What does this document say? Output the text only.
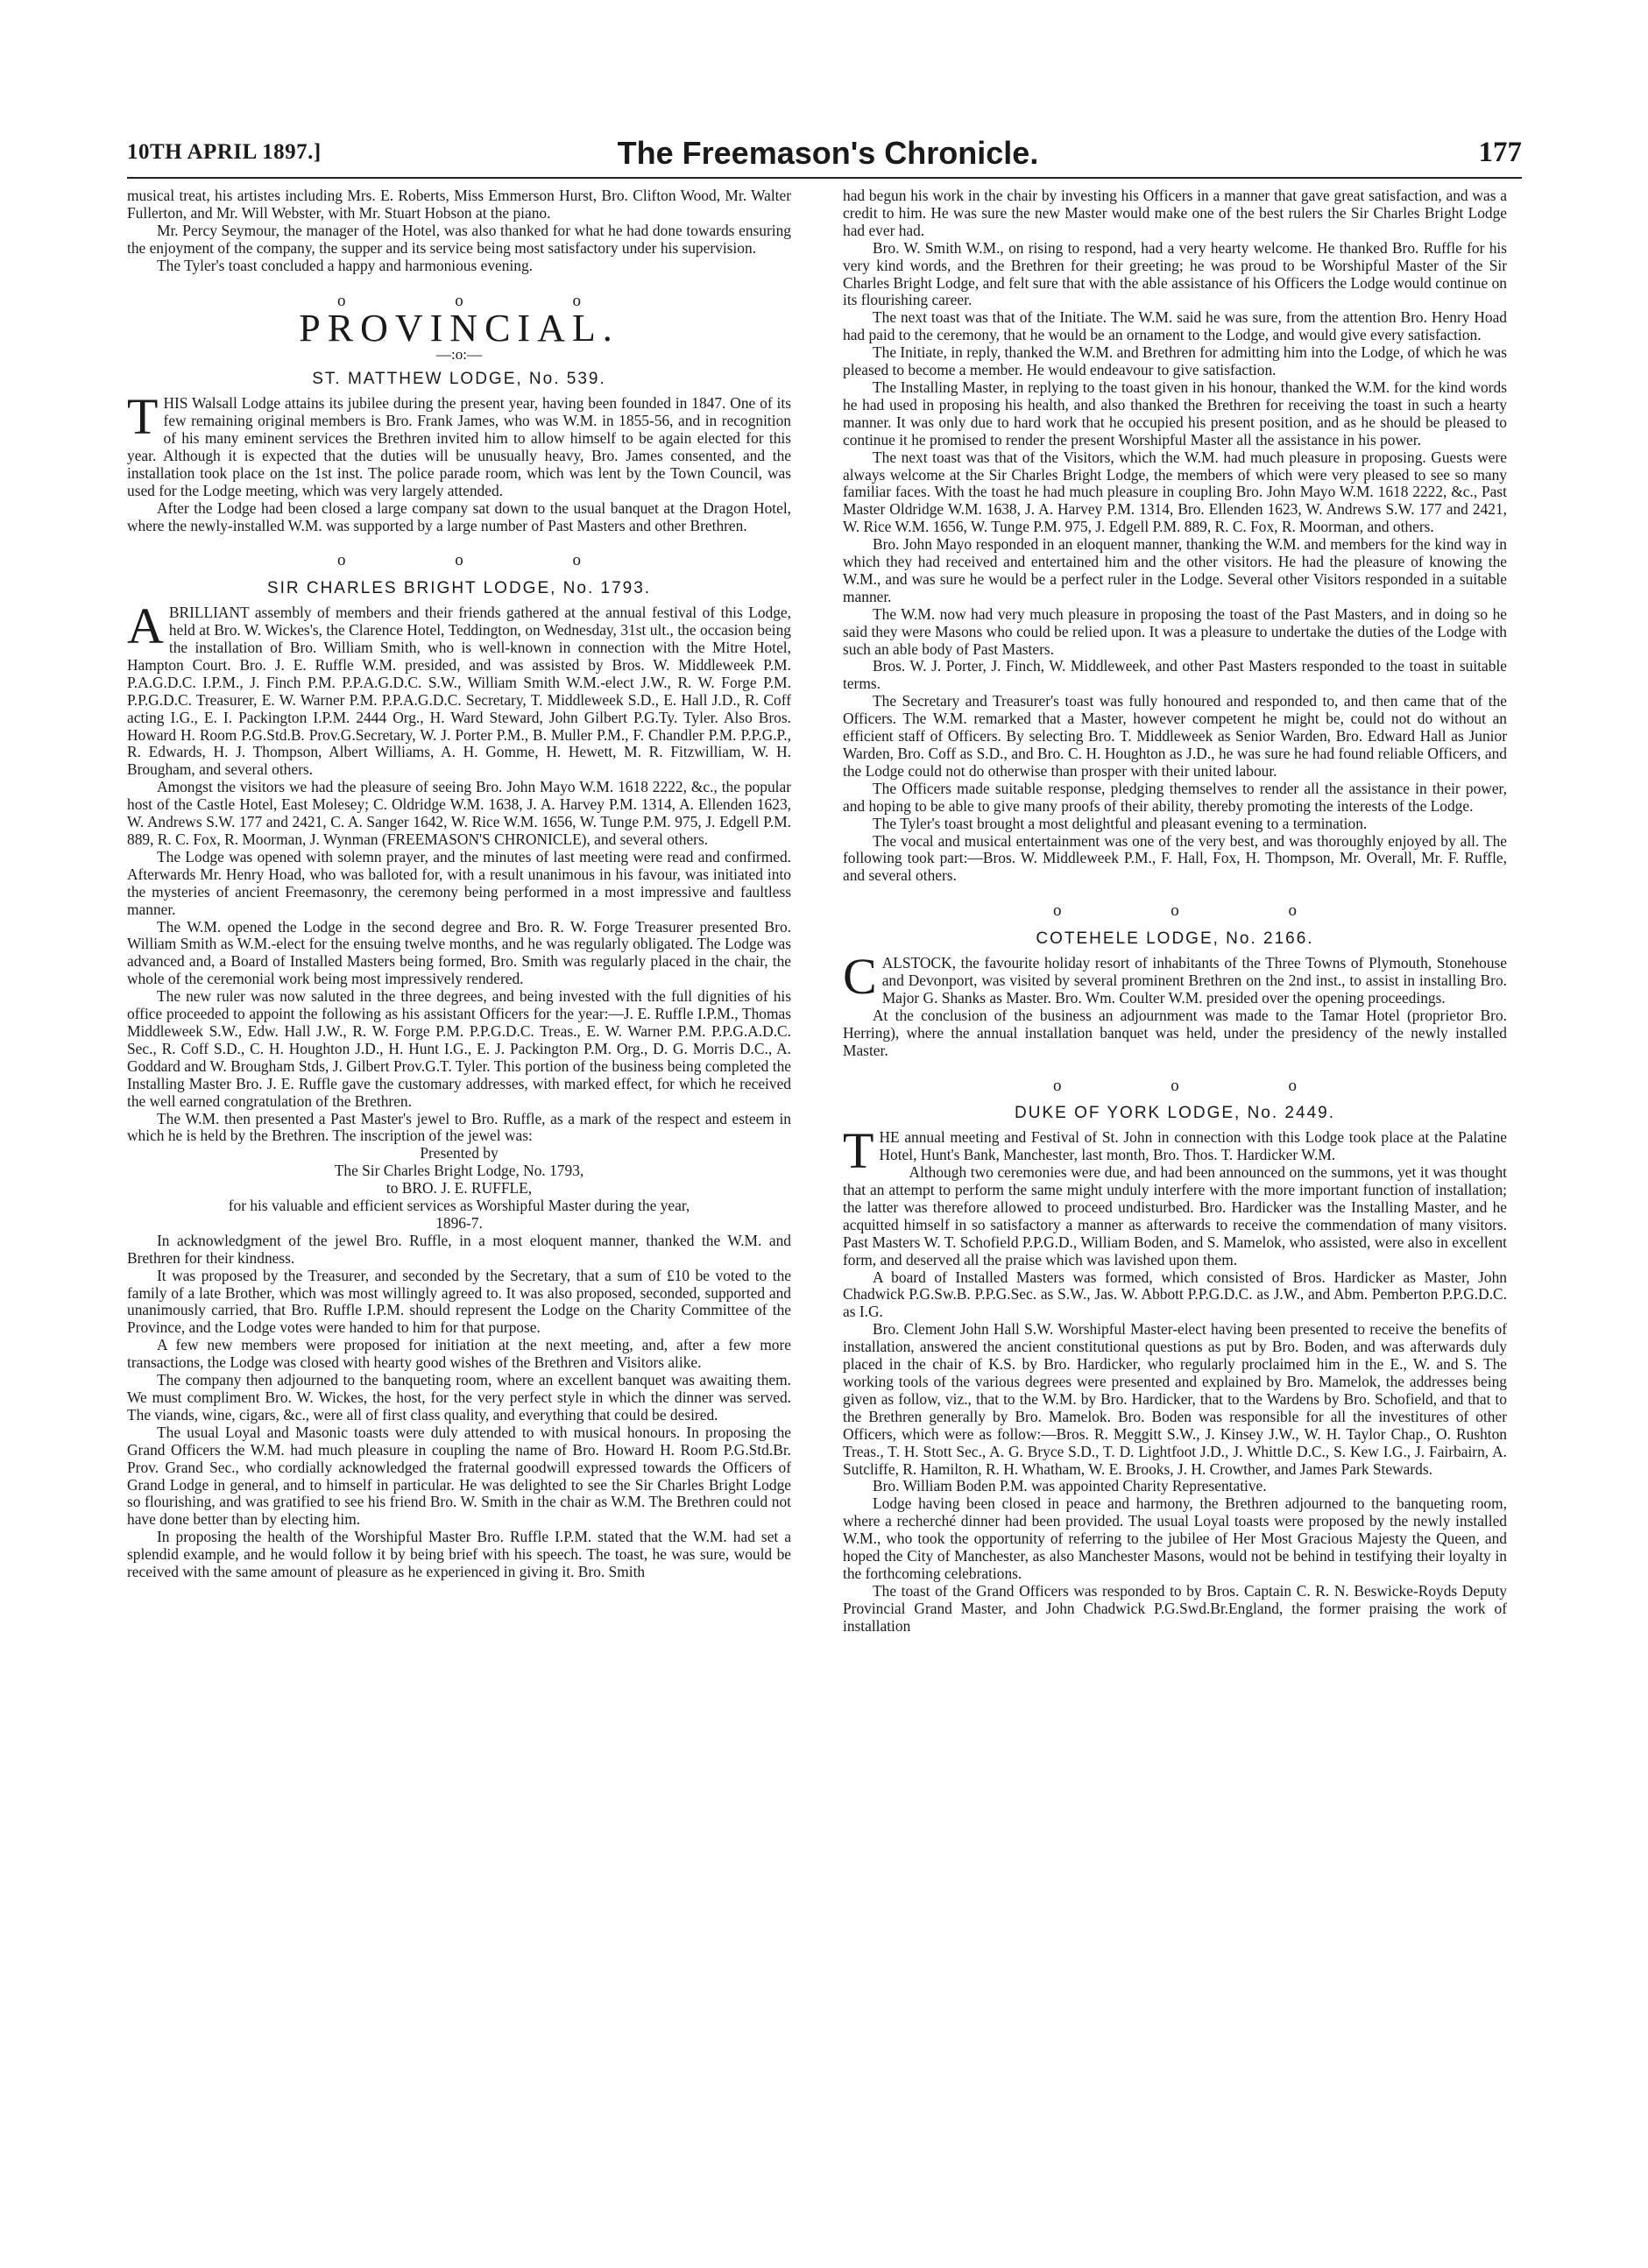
10TH APRIL 1897.]	The Freemason's Chronicle.	177

musical treat, his artistes including Mrs. E. Roberts, Miss Emmerson Hurst, Bro. Clifton Wood, Mr. Walter Fullerton, and Mr. Will Webster, with Mr. Stuart Hobson at the piano.

Mr. Percy Seymour, the manager of the Hotel, was also thanked for what he had done towards ensuring the enjoyment of the company, the supper and its service being most satisfactory under his supervision.

The Tyler's toast concluded a happy and harmonious evening.

o o o
PROVINCIAL.
—:o:—
ST. MATTHEW LODGE, No. 539.

THIS Walsall Lodge attains its jubilee during the present year, having been founded in 1847. One of its few remaining original members is Bro. Frank James, who was W.M. in 1855-56, and in recognition of his many eminent services the Brethren invited him to allow himself to be again elected for this year. Although it is expected that the duties will be unusually heavy, Bro. James consented, and the installation took place on the 1st inst. The police parade room, which was lent by the Town Council, was used for the Lodge meeting, which was very largely attended.

After the Lodge had been closed a large company sat down to the usual banquet at the Dragon Hotel, where the newly-installed W.M. was supported by a large number of Past Masters and other Brethren.

o o o
SIR CHARLES BRIGHT LODGE, No. 1793.

ABRILLIANT assembly of members and their friends gathered at the annual festival of this Lodge, held at Bro. W. Wickes's, the Clarence Hotel, Teddington, on Wednesday, 31st ult., the occasion being the installation of Bro. William Smith, who is well-known in connection with the Mitre Hotel, Hampton Court. Bro. J. E. Ruffle W.M. presided, and was assisted by Bros. W. Middleweek P.M. P.A.G.D.C. I.P.M., J. Finch P.M. P.P.A.G.D.C. S.W., William Smith W.M.-elect J.W., R. W. Forge P.M. P.P.G.D.C. Treasurer, E. W. Warner P.M. P.P.A.G.D.C. Secretary, T. Middleweek S.D., E. Hall J.D., R. Coff acting I.G., E. I. Packington I.P.M. 2444 Org., H. Ward Steward, John Gilbert P.G.Ty. Tyler. Also Bros. Howard H. Room P.G.Std.B. Prov.G.Secretary, W. J. Porter P.M., B. Muller P.M., F. Chandler P.M. P.P.G.P., R. Edwards, H. J. Thompson, Albert Williams, A. H. Gomme, H. Hewett, M. R. Fitzwilliam, W. H. Brougham, and several others.

Amongst the visitors we had the pleasure of seeing Bro. John Mayo W.M. 1618 2222, &c., the popular host of the Castle Hotel, East Molesey; C. Oldridge W.M. 1638, J. A. Harvey P.M. 1314, A. Ellenden 1623, W. Andrews S.W. 177 and 2421, C. A. Sanger 1642, W. Rice W.M. 1656, W. Tunge P.M. 975, J. Edgell P.M. 889, R. C. Fox, R. Moorman, J. Wynman (FREEMASON'S CHRONICLE), and several others.

The Lodge was opened with solemn prayer, and the minutes of last meeting were read and confirmed. Afterwards Mr. Henry Hoad, who was balloted for, with a result unanimous in his favour, was initiated into the mysteries of ancient Freemasonry, the ceremony being performed in a most impressive and faultless manner.

The W.M. opened the Lodge in the second degree and Bro. R. W. Forge Treasurer presented Bro. William Smith as W.M.-elect for the ensuing twelve months, and he was regularly obligated. The Lodge was advanced and, a Board of Installed Masters being formed, Bro. Smith was regularly placed in the chair, the whole of the ceremonial work being most impressively rendered.

The new ruler was now saluted in the three degrees, and being invested with the full dignities of his office proceeded to appoint the following as his assistant Officers for the year:—J. E. Ruffle I.P.M., Thomas Middleweek S.W., Edw. Hall J.W., R. W. Forge P.M. P.P.G.D.C. Treas., E. W. Warner P.M. P.P.G.A.D.C. Sec., R. Coff S.D., C. H. Houghton J.D., H. Hunt I.G., E. J. Packington P.M. Org., D. G. Morris D.C., A. Goddard and W. Brougham Stds, J. Gilbert Prov.G.T. Tyler. This portion of the business being completed the Installing Master Bro. J. E. Ruffle gave the customary addresses, with marked effect, for which he received the well earned congratulation of the Brethren.

The W.M. then presented a Past Master's jewel to Bro. Ruffle, as a mark of the respect and esteem in which he is held by the Brethren. The inscription of the jewel was:

Presented by

The Sir Charles Bright Lodge, No. 1793,

to BRO. J. E. RUFFLE,

for his valuable and efficient services as Worshipful Master during the year,

1896-7.

In acknowledgment of the jewel Bro. Ruffle, in a most eloquent manner, thanked the W.M. and Brethren for their kindness.

It was proposed by the Treasurer, and seconded by the Secretary, that a sum of £10 be voted to the family of a late Brother, which was most willingly agreed to. It was also proposed, seconded, supported and unanimously carried, that Bro. Ruffle I.P.M. should represent the Lodge on the Charity Committee of the Province, and the Lodge votes were handed to him for that purpose.

A few new members were proposed for initiation at the next meeting, and, after a few more transactions, the Lodge was closed with hearty good wishes of the Brethren and Visitors alike.

The company then adjourned to the banqueting room, where an excellent banquet was awaiting them. We must compliment Bro. W. Wickes, the host, for the very perfect style in which the dinner was served. The viands, wine, cigars, &c., were all of first class quality, and everything that could be desired.

The usual Loyal and Masonic toasts were duly attended to with musical honours. In proposing the Grand Officers the W.M. had much pleasure in coupling the name of Bro. Howard H. Room P.G.Std.Br. Prov. Grand Sec., who cordially acknowledged the fraternal goodwill expressed towards the Officers of Grand Lodge in general, and to himself in particular. He was delighted to see the Sir Charles Bright Lodge so flourishing, and was gratified to see his friend Bro. W. Smith in the chair as W.M. The Brethren could not have done better than by electing him.

In proposing the health of the Worshipful Master Bro. Ruffle I.P.M. stated that the W.M. had set a splendid example, and he would follow it by being brief with his speech. The toast, he was sure, would be received with the same amount of pleasure as he experienced in giving it. Bro. Smith

had begun his work in the chair by investing his Officers in a manner that gave great satisfaction, and was a credit to him. He was sure the new Master would make one of the best rulers the Sir Charles Bright Lodge had ever had.

Bro. W. Smith W.M., on rising to respond, had a very hearty welcome. He thanked Bro. Ruffle for his very kind words, and the Brethren for their greeting; he was proud to be Worshipful Master of the Sir Charles Bright Lodge, and felt sure that with the able assistance of his Officers the Lodge would continue on its flourishing career.

The next toast was that of the Initiate. The W.M. said he was sure, from the attention Bro. Henry Hoad had paid to the ceremony, that he would be an ornament to the Lodge, and would give every satisfaction.

The Initiate, in reply, thanked the W.M. and Brethren for admitting him into the Lodge, of which he was pleased to become a member. He would endeavour to give satisfaction.

The Installing Master, in replying to the toast given in his honour, thanked the W.M. for the kind words he had used in proposing his health, and also thanked the Brethren for receiving the toast in such a hearty manner. It was only due to hard work that he occupied his present position, and as he should be pleased to continue it he promised to render the present Worshipful Master all the assistance in his power.

The next toast was that of the Visitors, which the W.M. had much pleasure in proposing. Guests were always welcome at the Sir Charles Bright Lodge, the members of which were very pleased to see so many familiar faces. With the toast he had much pleasure in coupling Bro. John Mayo W.M. 1618 2222, &c., Past Master Oldridge W.M. 1638, J. A. Harvey P.M. 1314, Bro. Ellenden 1623, W. Andrews S.W. 177 and 2421, W. Rice W.M. 1656, W. Tunge P.M. 975, J. Edgell P.M. 889, R. C. Fox, R. Moorman, and others.

Bro. John Mayo responded in an eloquent manner, thanking the W.M. and members for the kind way in which they had received and entertained him and the other visitors. He had the pleasure of knowing the W.M., and was sure he would be a perfect ruler in the Lodge. Several other Visitors responded in a suitable manner.

The W.M. now had very much pleasure in proposing the toast of the Past Masters, and in doing so he said they were Masons who could be relied upon. It was a pleasure to undertake the duties of the Lodge with such an able body of Past Masters.

Bros. W. J. Porter, J. Finch, W. Middleweek, and other Past Masters responded to the toast in suitable terms.

The Secretary and Treasurer's toast was fully honoured and responded to, and then came that of the Officers. The W.M. remarked that a Master, however competent he might be, could not do without an efficient staff of Officers. By selecting Bro. T. Middleweek as Senior Warden, Bro. Edward Hall as Junior Warden, Bro. Coff as S.D., and Bro. C. H. Houghton as J.D., he was sure he had found reliable Officers, and the Lodge could not do otherwise than prosper with their united labour.

The Officers made suitable response, pledging themselves to render all the assistance in their power, and hoping to be able to give many proofs of their ability, thereby promoting the interests of the Lodge.

The Tyler's toast brought a most delightful and pleasant evening to a termination.

The vocal and musical entertainment was one of the very best, and was thoroughly enjoyed by all. The following took part:—Bros. W. Middleweek P.M., F. Hall, Fox, H. Thompson, Mr. Overall, Mr. F. Ruffle, and several others.

o o o
COTEHELE LODGE, No. 2166.

CALSTOCK, the favourite holiday resort of inhabitants of the Three Towns of Plymouth, Stonehouse and Devonport, was visited by several prominent Brethren on the 2nd inst., to assist in installing Bro. Major G. Shanks as Master. Bro. Wm. Coulter W.M. presided over the opening proceedings.

At the conclusion of the business an adjournment was made to the Tamar Hotel (proprietor Bro. Herring), where the annual installation banquet was held, under the presidency of the newly installed Master.

o o o
DUKE OF YORK LODGE, No. 2449.

THE annual meeting and Festival of St. John in connection with this Lodge took place at the Palatine Hotel, Hunt's Bank, Manchester, last month, Bro. Thos. T. Hardicker W.M.

Although two ceremonies were due, and had been announced on the summons, yet it was thought that an attempt to perform the same might unduly interfere with the more important function of installation; the latter was therefore allowed to proceed undisturbed. Bro. Hardicker was the Installing Master, and he acquitted himself in so satisfactory a manner as afterwards to receive the commendation of many visitors. Past Masters W. T. Schofield P.P.G.D., William Boden, and S. Mamelok, who assisted, were also in excellent form, and deserved all the praise which was lavished upon them.

A board of Installed Masters was formed, which consisted of Bros. Hardicker as Master, John Chadwick P.G.Sw.B. P.P.G.Sec. as S.W., Jas. W. Abbott P.P.G.D.C. as J.W., and Abm. Pemberton P.P.G.D.C. as I.G.

Bro. Clement John Hall S.W. Worshipful Master-elect having been presented to receive the benefits of installation, answered the ancient constitutional questions as put by Bro. Boden, and was afterwards duly placed in the chair of K.S. by Bro. Hardicker, who regularly proclaimed him in the E., W. and S. The working tools of the various degrees were presented and explained by Bro. Mamelok, the addresses being given as follow, viz., that to the W.M. by Bro. Hardicker, that to the Wardens by Bro. Schofield, and that to the Brethren generally by Bro. Mamelok. Bro. Boden was responsible for all the investitures of other Officers, which were as follow:—Bros. R. Meggitt S.W., J. Kinsey J.W., W. H. Taylor Chap., O. Rushton Treas., T. H. Stott Sec., A. G. Bryce S.D., T. D. Lightfoot J.D., J. Whittle D.C., S. Kew I.G., J. Fairbairn, A. Sutcliffe, R. Hamilton, R. H. Whatham, W. E. Brooks, J. H. Crowther, and James Park Stewards.

Bro. William Boden P.M. was appointed Charity Representative.

Lodge having been closed in peace and harmony, the Brethren adjourned to the banqueting room, where a recherché dinner had been provided. The usual Loyal toasts were proposed by the newly installed W.M., who took the opportunity of referring to the jubilee of Her Most Gracious Majesty the Queen, and hoped the City of Manchester, as also Manchester Masons, would not be behind in testifying their loyalty in the forthcoming celebrations.

The toast of the Grand Officers was responded to by Bros. Captain C. R. N. Beswicke-Royds Deputy Provincial Grand Master, and John Chadwick P.G.Swd.Br.England, the former praising the work of installation
